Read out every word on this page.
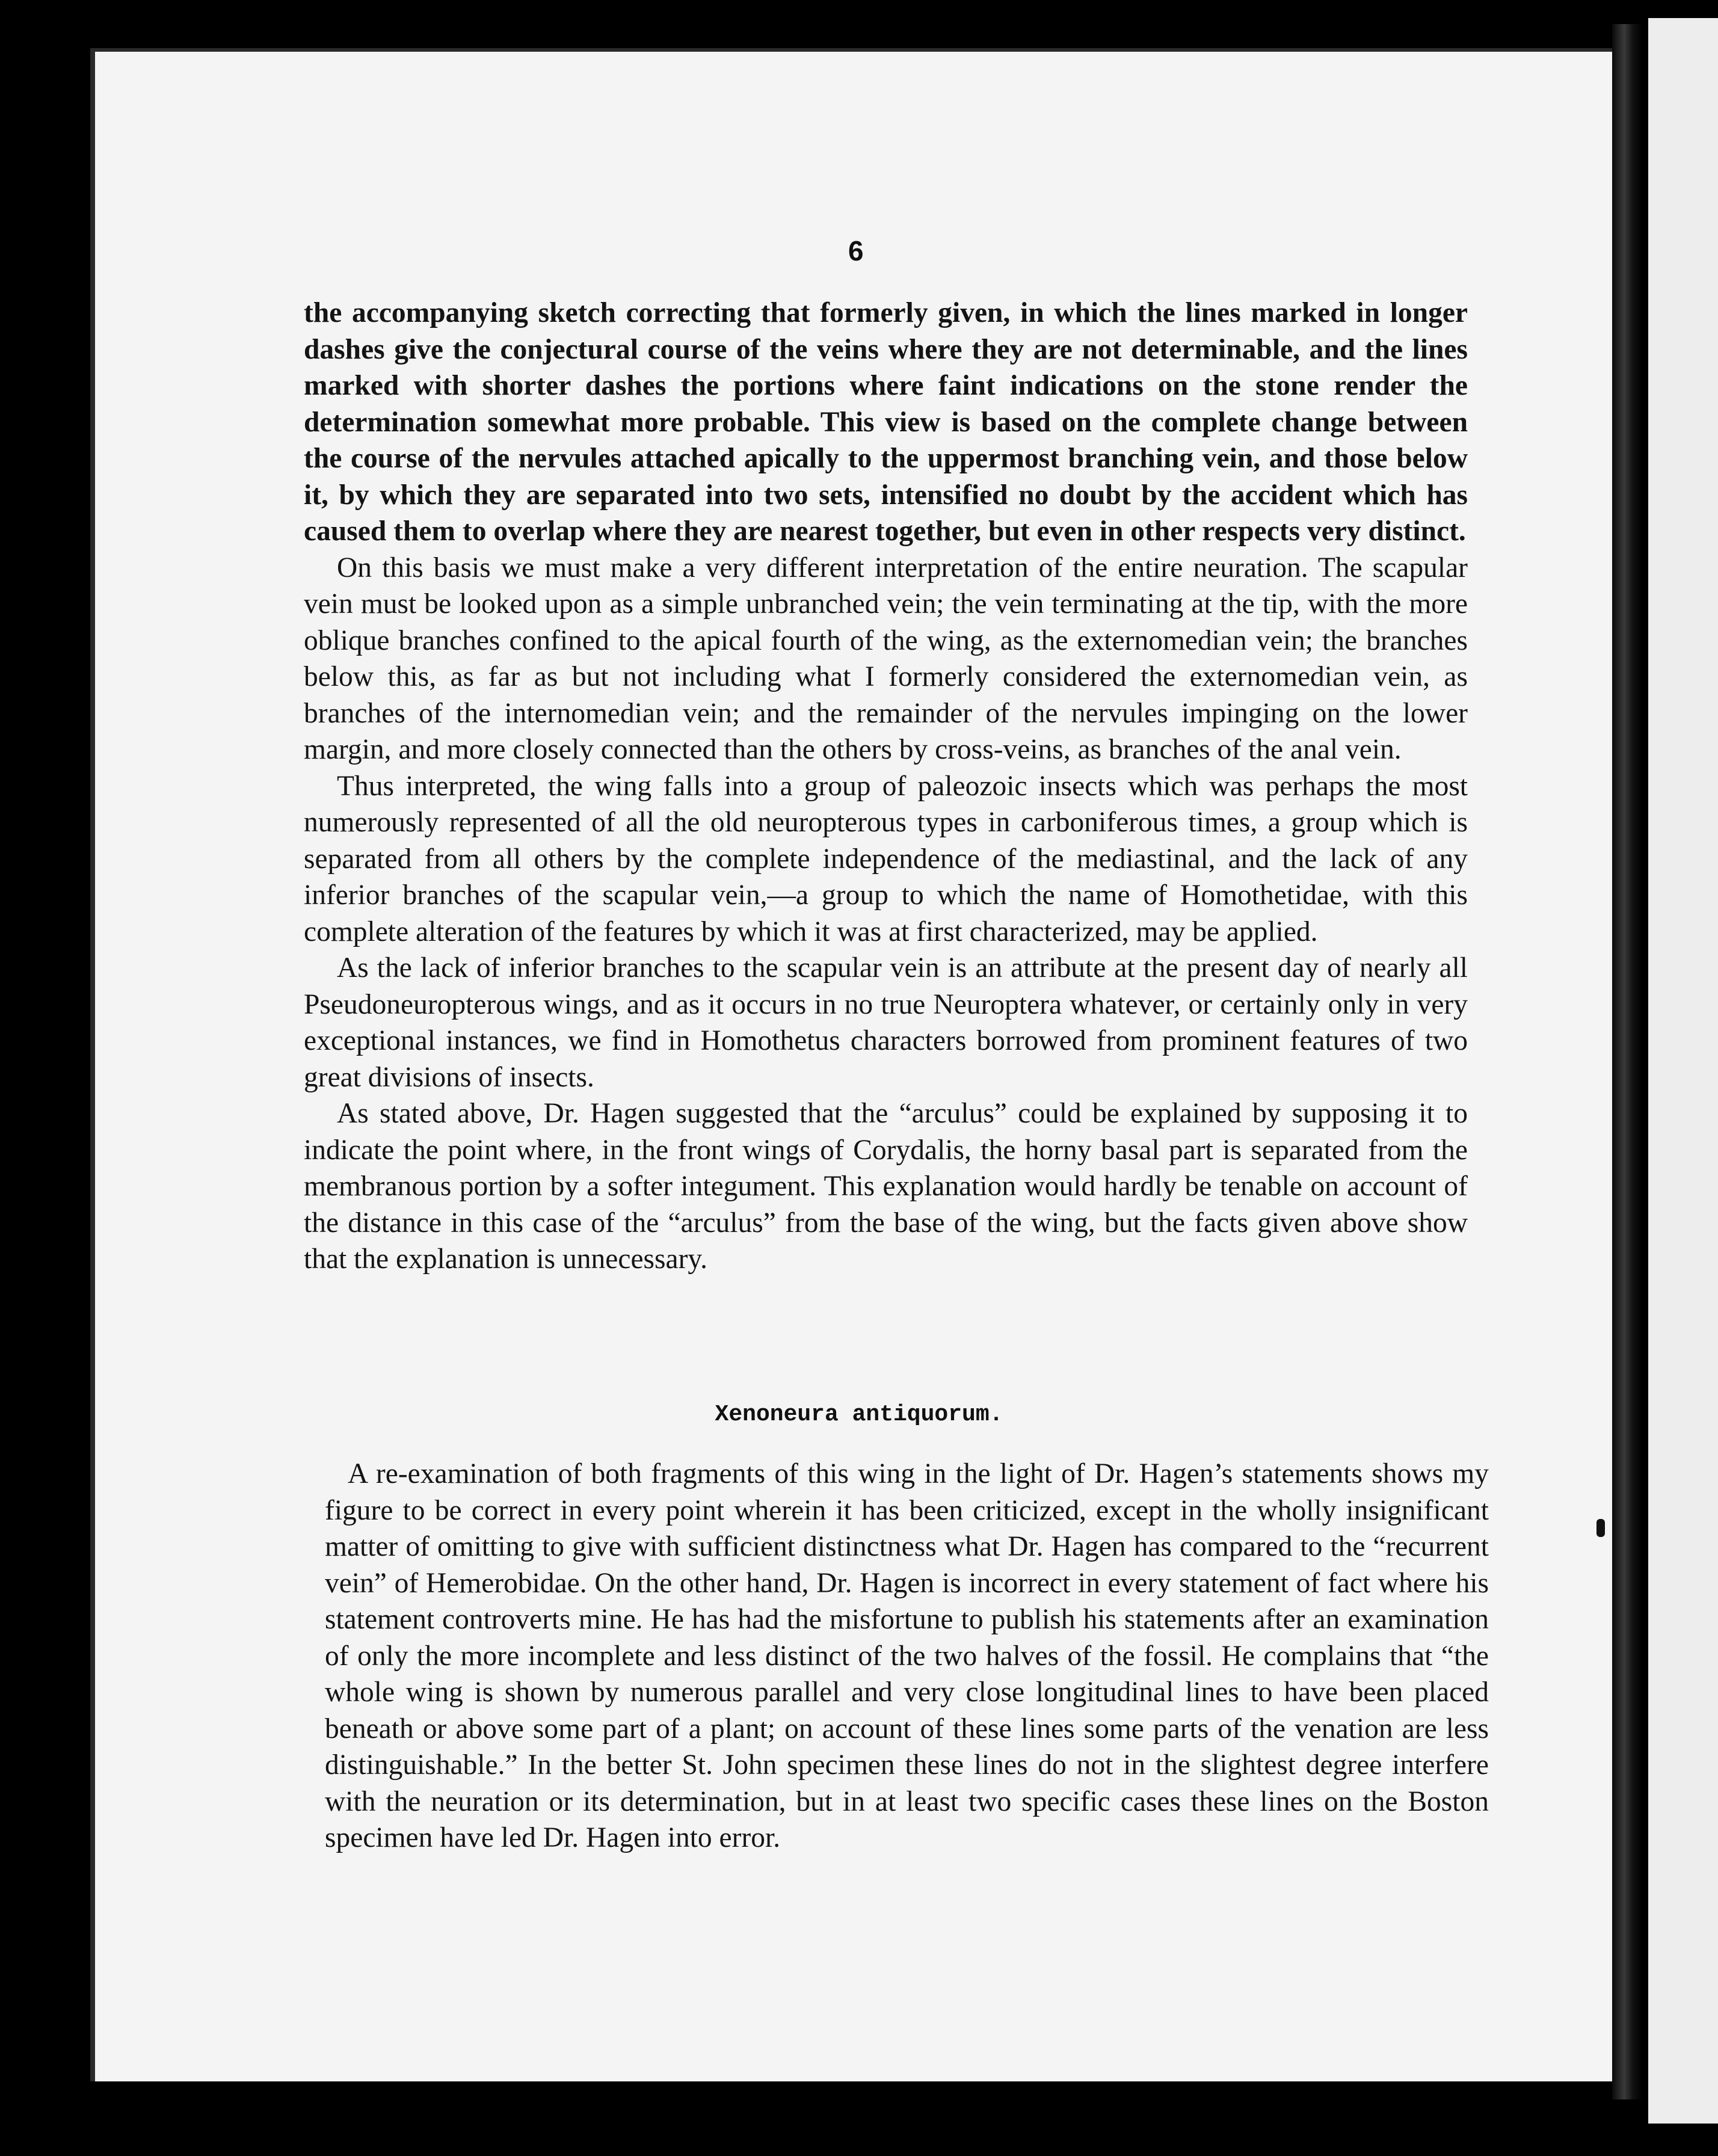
6

the accompanying sketch correcting that formerly given, in which the lines marked in longer dashes give the conjectural course of the veins where they are not determinable, and the lines marked with shorter dashes the portions where faint indications on the stone render the determination somewhat more probable. This view is based on the complete change between the course of the nervules attached apically to the uppermost branching vein, and those below it, by which they are separated into two sets, intensified no doubt by the accident which has caused them to overlap where they are nearest together, but even in other respects very distinct.

On this basis we must make a very different interpretation of the entire neuration. The scapular vein must be looked upon as a simple unbranched vein; the vein terminating at the tip, with the more oblique branches confined to the apical fourth of the wing, as the externomedian vein; the branches below this, as far as but not including what I formerly considered the externomedian vein, as branches of the internomedian vein; and the remainder of the nervules impinging on the lower margin, and more closely connected than the others by cross-veins, as branches of the anal vein.

Thus interpreted, the wing falls into a group of paleozoic insects which was perhaps the most numerously represented of all the old neuropterous types in carboniferous times, a group which is separated from all others by the complete independence of the mediastinal, and the lack of any inferior branches of the scapular vein,—a group to which the name of Homothetidae, with this complete alteration of the features by which it was at first characterized, may be applied.

As the lack of inferior branches to the scapular vein is an attribute at the present day of nearly all Pseudoneuropterous wings, and as it occurs in no true Neuroptera whatever, or certainly only in very exceptional instances, we find in Homothetus characters borrowed from prominent features of two great divisions of insects.

As stated above, Dr. Hagen suggested that the “arculus” could be explained by supposing it to indicate the point where, in the front wings of Corydalis, the horny basal part is separated from the membranous portion by a softer integument. This explanation would hardly be tenable on account of the distance in this case of the “arculus” from the base of the wing, but the facts given above show that the explanation is unnecessary.

Xenoneura antiquorum.

A re-examination of both fragments of this wing in the light of Dr. Hagen’s statements shows my figure to be correct in every point wherein it has been criticized, except in the wholly insignificant matter of omitting to give with sufficient distinctness what Dr. Hagen has compared to the “recurrent vein” of Hemerobidae. On the other hand, Dr. Hagen is incorrect in every statement of fact where his statement controverts mine. He has had the misfortune to publish his statements after an examination of only the more incomplete and less distinct of the two halves of the fossil. He complains that “the whole wing is shown by numerous parallel and very close longitudinal lines to have been placed beneath or above some part of a plant; on account of these lines some parts of the venation are less distinguishable.” In the better St. John specimen these lines do not in the slightest degree interfere with the neuration or its determination, but in at least two specific cases these lines on the Boston specimen have led Dr. Hagen into error.
